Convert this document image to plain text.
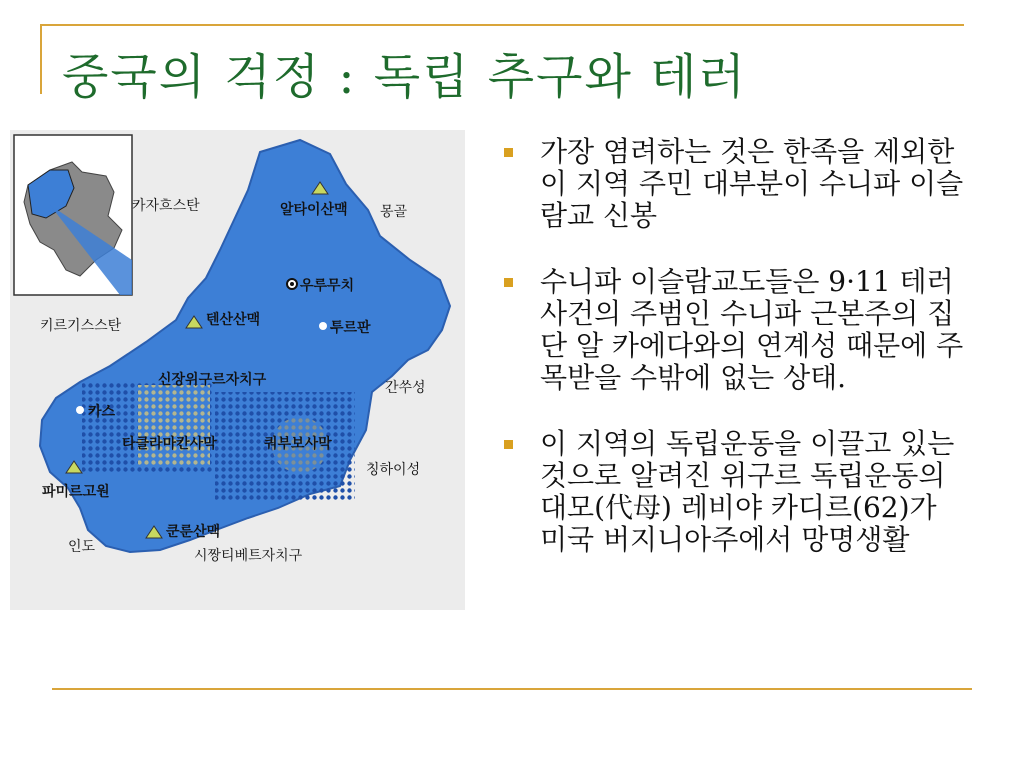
중국의 걱정 : 독립 추구와 테러
카자흐스탄	알타이산맥 몽골
우루무치
키르기스스탄	텐산산맥	투르판
신장위구르자치구	간쑤성
카스
타클라마칸사막	쿼부보사막
칭하이성
파미르고원
쿤룬산맥
인도
시짱티베트자치구
가장 염려하는 것은 한족을 제외한 이 지역 주민 대부분이 수니파 이슬람교 신봉
수니파 이슬람교도들은 9·11 테러 사건의 주범인 수니파 근본주의 집단 알 카에다와의 연계성 때문에 주목받을 수밖에 없는 상태.
이 지역의 독립운동을 이끌고 있는 것으로 알려진 위구르 독립운동의 대모(代母) 레비야 카디르(62)가 미국 버지니아주에서 망명생활
